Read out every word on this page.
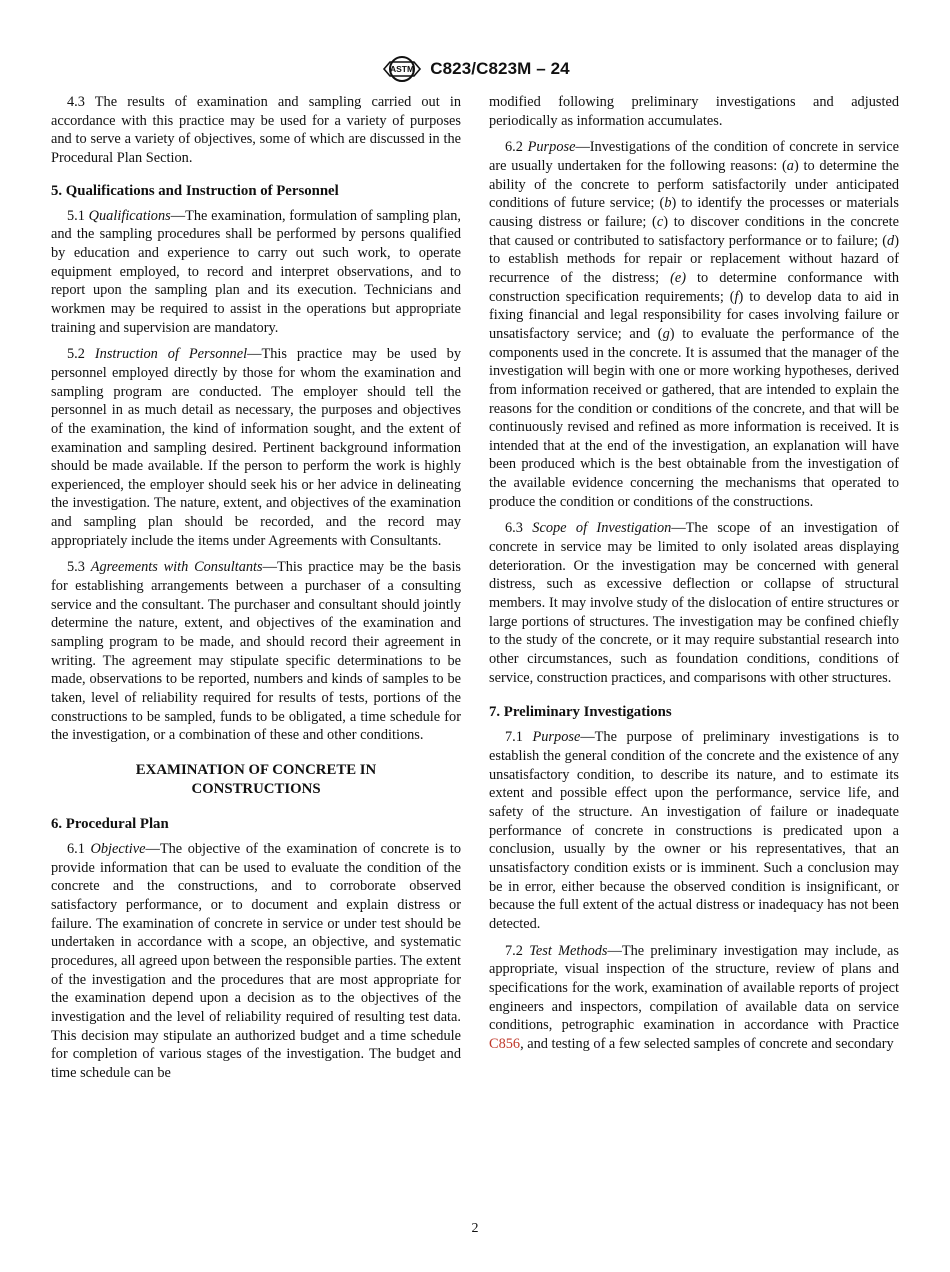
ASTM C823/C823M – 24

4.3 The results of examination and sampling carried out in accordance with this practice may be used for a variety of purposes and to serve a variety of objectives, some of which are discussed in the Procedural Plan Section.

5. Qualifications and Instruction of Personnel

5.1 Qualifications—The examination, formulation of sampling plan, and the sampling procedures shall be performed by persons qualified by education and experience to carry out such work, to operate equipment employed, to record and interpret observations, and to report upon the sampling plan and its execution. Technicians and workmen may be required to assist in the operations but appropriate training and supervision are mandatory.

5.2 Instruction of Personnel—This practice may be used by personnel employed directly by those for whom the examination and sampling program are conducted. The employer should tell the personnel in as much detail as necessary, the purposes and objectives of the examination, the kind of information sought, and the extent of examination and sampling desired. Pertinent background information should be made available. If the person to perform the work is highly experienced, the employer should seek his or her advice in delineating the investigation. The nature, extent, and objectives of the examination and sampling plan should be recorded, and the record may appropriately include the items under Agreements with Consultants.

5.3 Agreements with Consultants—This practice may be the basis for establishing arrangements between a purchaser of a consulting service and the consultant. The purchaser and consultant should jointly determine the nature, extent, and objectives of the examination and sampling program to be made, and should record their agreement in writing. The agreement may stipulate specific determinations to be made, observations to be reported, numbers and kinds of samples to be taken, level of reliability required for results of tests, portions of the constructions to be sampled, funds to be obligated, a time schedule for the investigation, or a combination of these and other conditions.

EXAMINATION OF CONCRETE IN
CONSTRUCTIONS
6. Procedural Plan

6.1 Objective—The objective of the examination of concrete is to provide information that can be used to evaluate the condition of the concrete and the constructions, and to corroborate observed satisfactory performance, or to document and explain distress or failure. The examination of concrete in service or under test should be undertaken in accordance with a scope, an objective, and systematic procedures, all agreed upon between the responsible parties. The extent of the investigation and the procedures that are most appropriate for the examination depend upon a decision as to the objectives of the investigation and the level of reliability required of resulting test data. This decision may stipulate an authorized budget and a time schedule for completion of various stages of the investigation. The budget and time schedule can be

modified following preliminary investigations and adjusted periodically as information accumulates.

6.2 Purpose—Investigations of the condition of concrete in service are usually undertaken for the following reasons: (a) to determine the ability of the concrete to perform satisfactorily under anticipated conditions of future service; (b) to identify the processes or materials causing distress or failure; (c) to discover conditions in the concrete that caused or contributed to satisfactory performance or to failure; (d) to establish methods for repair or replacement without hazard of recurrence of the distress; (e) to determine conformance with construction specification requirements; (f) to develop data to aid in fixing financial and legal responsibility for cases involving failure or unsatisfactory service; and (g) to evaluate the performance of the components used in the concrete. It is assumed that the manager of the investigation will begin with one or more working hypotheses, derived from information received or gathered, that are intended to explain the reasons for the condition or conditions of the concrete, and that will be continuously revised and refined as more information is received. It is intended that at the end of the investigation, an explanation will have been produced which is the best obtainable from the investigation of the available evidence concerning the mechanisms that operated to produce the condition or conditions of the constructions.

6.3 Scope of Investigation—The scope of an investigation of concrete in service may be limited to only isolated areas displaying deterioration. Or the investigation may be concerned with general distress, such as excessive deflection or collapse of structural members. It may involve study of the dislocation of entire structures or large portions of structures. The investigation may be confined chiefly to the study of the concrete, or it may require substantial research into other circumstances, such as foundation conditions, conditions of service, construction practices, and comparisons with other structures.

7. Preliminary Investigations

7.1 Purpose—The purpose of preliminary investigations is to establish the general condition of the concrete and the existence of any unsatisfactory condition, to describe its nature, and to estimate its extent and possible effect upon the performance, service life, and safety of the structure. An investigation of failure or inadequate performance of concrete in constructions is predicated upon a conclusion, usually by the owner or his representatives, that an unsatisfactory condition exists or is imminent. Such a conclusion may be in error, either because the observed condition is insignificant, or because the full extent of the actual distress or inadequacy has not been detected.

7.2 Test Methods—The preliminary investigation may include, as appropriate, visual inspection of the structure, review of plans and specifications for the work, examination of available reports of project engineers and inspectors, compilation of available data on service conditions, petrographic examination in accordance with Practice C856, and testing of a few selected samples of concrete and secondary

2
